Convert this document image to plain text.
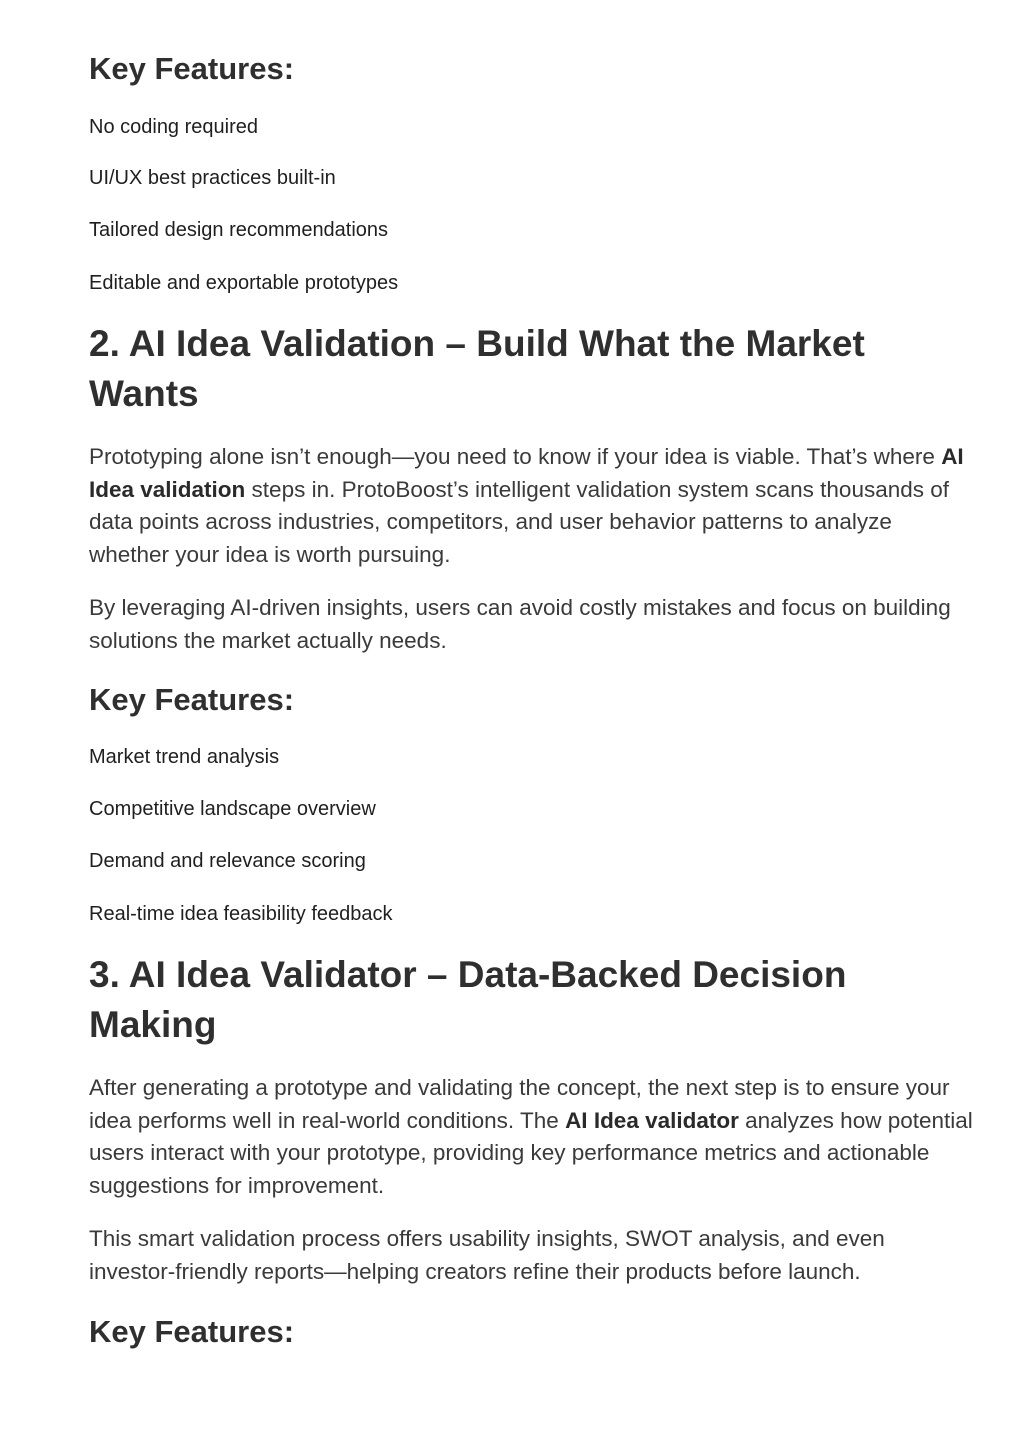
Key Features:

No coding required

UI/UX best practices built-in

Tailored design recommendations

Editable and exportable prototypes

2. AI Idea Validation – Build What the Market Wants

Prototyping alone isn’t enough—you need to know if your idea is viable. That’s where AI Idea validation steps in. ProtoBoost’s intelligent validation system scans thousands of data points across industries, competitors, and user behavior patterns to analyze whether your idea is worth pursuing.

By leveraging AI-driven insights, users can avoid costly mistakes and focus on building solutions the market actually needs.

Key Features:

Market trend analysis

Competitive landscape overview

Demand and relevance scoring

Real-time idea feasibility feedback

3. AI Idea Validator – Data-Backed Decision Making

After generating a prototype and validating the concept, the next step is to ensure your idea performs well in real-world conditions. The AI Idea validator analyzes how potential users interact with your prototype, providing key performance metrics and actionable suggestions for improvement.

This smart validation process offers usability insights, SWOT analysis, and even investor-friendly reports—helping creators refine their products before launch.

Key Features:
